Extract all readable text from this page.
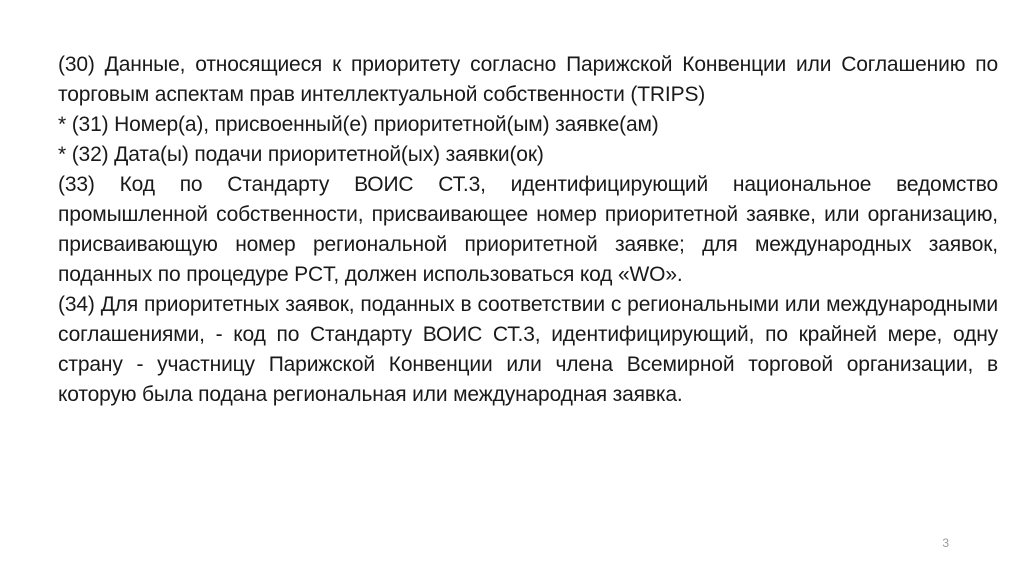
(30) Данные, относящиеся к приоритету согласно Парижской Конвенции или Соглашению по торговым аспектам прав интеллектуальной собственности (TRIPS)

* (31) Номер(а), присвоенный(е) приоритетной(ым) заявке(ам)

* (32) Дата(ы) подачи приоритетной(ых) заявки(ок)

(33) Код по Стандарту ВОИС СТ.3, идентифицирующий национальное ведомство промышленной собственности, присваивающее номер приоритетной заявке, или организацию, присваивающую номер региональной приоритетной заявке; для международных заявок, поданных по процедуре PCT, должен использоваться код «WO».

(34) Для приоритетных заявок, поданных в соответствии с региональными или международными соглашениями, - код по Стандарту ВОИС СТ.3, идентифицирующий, по крайней мере, одну страну - участницу Парижской Конвенции или члена Всемирной торговой организации, в которую была подана региональная или международная заявка.

3
